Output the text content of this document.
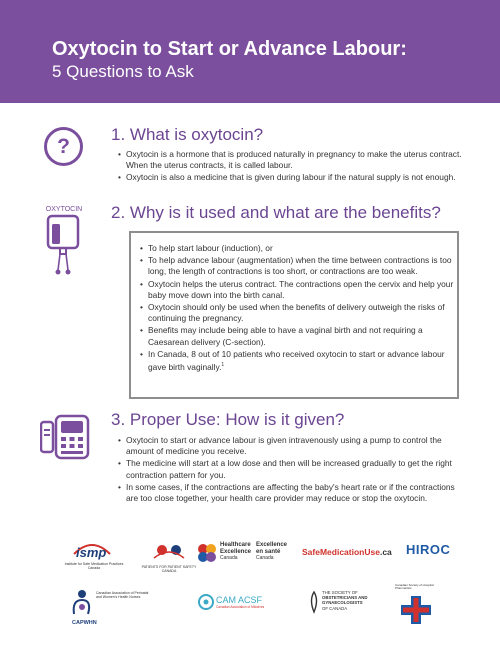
Oxytocin to Start or Advance Labour:
5 Questions to Ask
?
1. What is oxytocin?
• Oxytocin is a hormone that is produced naturally in pregnancy to make the uterus contract. When the uterus contracts, it is called labour.
• Oxytocin is also a medicine that is given during labour if the natural supply is not enough.
OXYTOCIN	2. Why is it used and what are the benefits?
• To help start labour (induction), or
• To help advance labour (augmentation) when the time between contractions is too long, the length of contractions is too short, or contractions are too weak.
• Oxytocin helps the uterus contract. The contractions open the cervix and help your baby move down into the birth canal.
• Oxytocin should only be used when the benefits of delivery outweigh the risks of continuing the pregnancy.
• Benefits may include being able to have a vaginal birth and not requiring a Caesarean delivery (C-section).
• In Canada, 8 out of 10 patients who received oxytocin to start or advance labour gave birth vaginally.$^1$
3. Proper Use: How is it given?
• Oxytocin to start or advance labour is given intravenously using a pump to control the amount of medicine you receive.
• The medicine will start at a low dose and then will be increased gradually to get the right contraction pattern for you.
• In some cases, if the contractions are affecting the baby's heart rate or if the contractions are too close together, your health care provider may reduce or stop the oxytocin.
ismp
Institute for Safe Medication Practices Canada	PATIENTS FOR PATIENT SAFETY CANADA
Healthcare
Excellence
Canada
Excellence
en santé
Canada
SafeMedicationUse.ca	HIROC
Canadian Association of Perinatal and Women's Health Nurses
CAPWHN
CAM ACSF
Canadian Association of Midwives
THE SOCIETY OF
OBSTETRICIANS AND
GYNAECOLOGISTS
OF CANADA
Canadian Society of Hospital Pharmacists
